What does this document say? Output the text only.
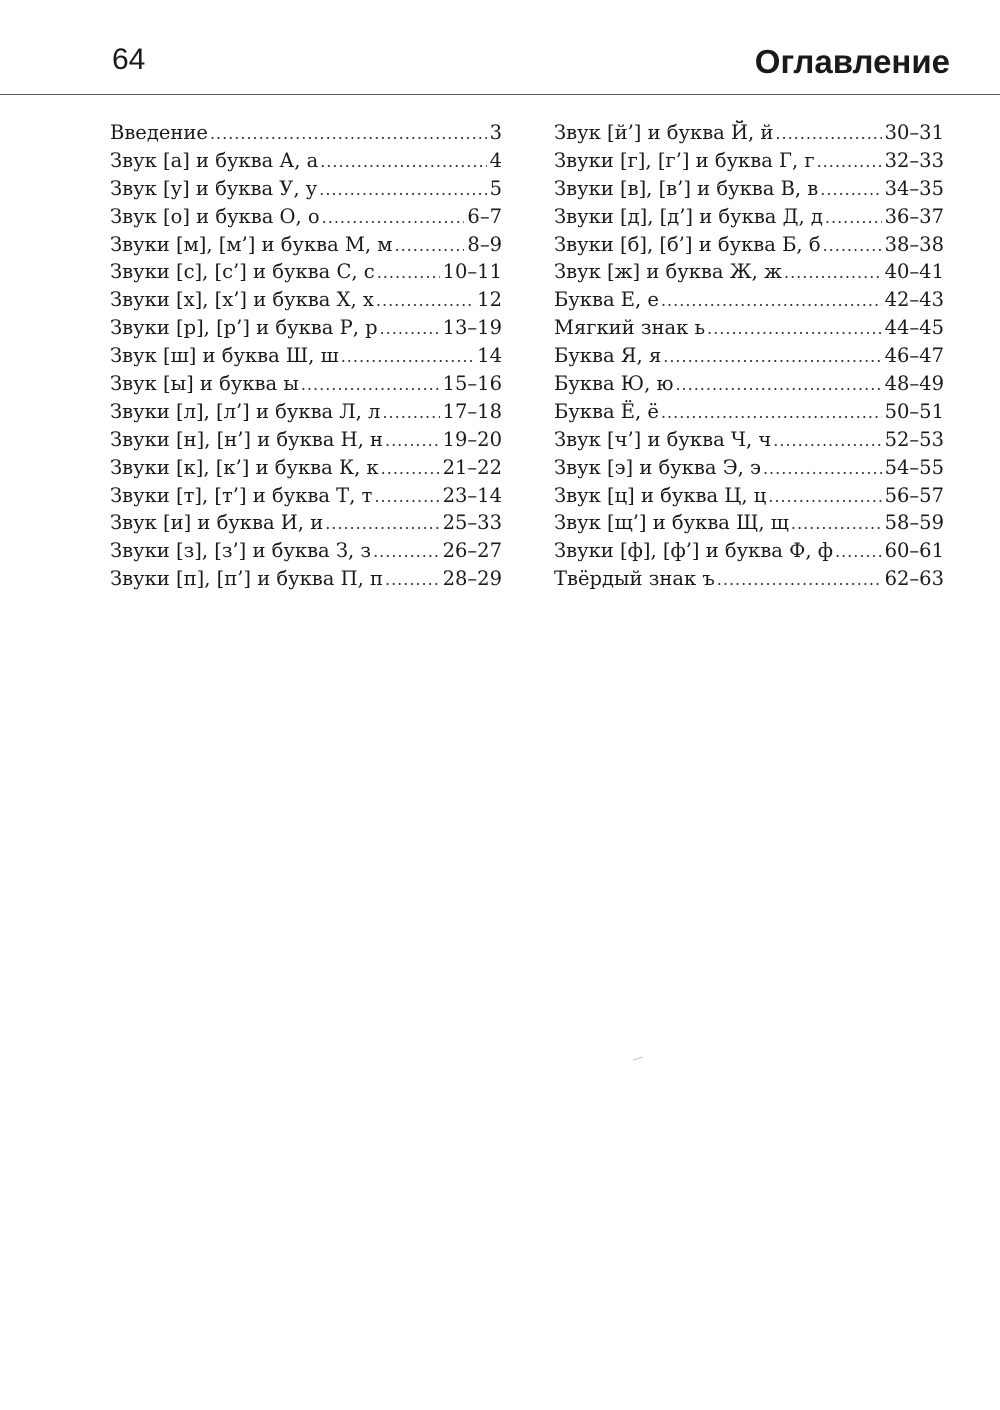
64	Оглавление
Введение .....	3
Звук [а] и буква А, а .....	4
Звук [у] и буква У, у .....	5
Звук [о] и буква О, о .....	6–7
Звуки [м], [м’] и буква М, м .....	8–9
Звуки [с], [с’] и буква С, с .....	10–11
Звуки [х], [х’] и буква Х, х .....	12
Звуки [р], [р’] и буква Р, р .....	13–19
Звук [ш] и буква Ш, ш .....	14
Звук [ы] и буква ы .....	15–16
Звуки [л], [л’] и буква Л, л .....	17–18
Звуки [н], [н’] и буква Н, н .....	19–20
Звуки [к], [к’] и буква К, к .....	21–22
Звуки [т], [т’] и буква Т, т .....	23–14
Звук [и] и буква И, и .....	25–33
Звуки [з], [з’] и буква З, з .....	26–27
Звуки [п], [п’] и буква П, п .....	28–29
Звук [й’] и буква Й, й .....	30–31
Звуки [г], [г’] и буква Г, г .....	32–33
Звуки [в], [в’] и буква В, в .....	34–35
Звуки [д], [д’] и буква Д, д .....	36–37
Звуки [б], [б’] и буква Б, б .....	38–38
Звук [ж] и буква Ж, ж .....	40–41
Буква Е, е .....	42–43
Мягкий знак ь .....	44–45
Буква Я, я .....	46–47
Буква Ю, ю .....	48–49
Буква Ё, ё .....	50–51
Звук [ч’] и буква Ч, ч .....	52–53
Звук [э] и буква Э, э .....	54–55
Звук [ц] и буква Ц, ц .....	56–57
Звук [щ’] и буква Щ, щ .....	58–59
Звуки [ф], [ф’] и буква Ф, ф .....	60–61
Твёрдый знак ъ .....	62–63
